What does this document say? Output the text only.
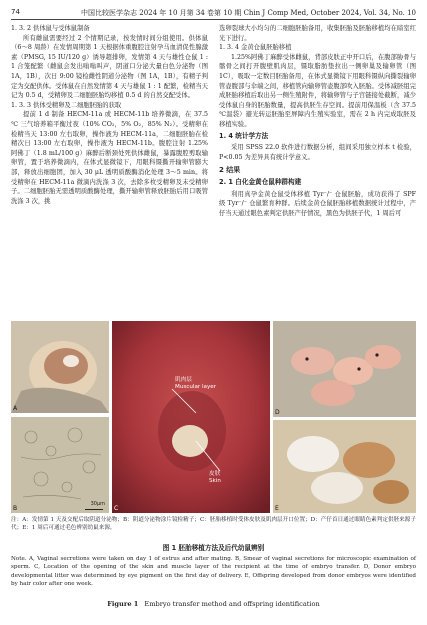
74	中国比较医学杂志 2024 年 10 月第 34 卷第 10 期 Chin J Comp Med, October 2024, Vol. 34, No. 10

1. 3. 2 供体鼠与受体鼠制备

所有雌鼠需要经过 2 个情期记录，按发情时间分组使用。供体鼠（6～8 周龄）在发情周期第 1 天根据体重腹腔注射孕马血清促性腺激素（PMSG, 15 IU/120 g）诱导超排卵，发情第 4 天与雄性仓鼠 1 : 1 合笼配繁（雌鼠会发出嗡嗡叫声，阴道口分泌大量白色分泌物（图 1A，1B），次日 9:00 镜检雌性阴道分泌物（图 1A，1B），有精子判定为交配供体。受体鼠在自然发情第 4 天与雄鼠 1 : 1 配繁，检精当天记为 0.5 d，受精卵及二细胞胚胎均移植 0.5 d 的自然交配受体。

1. 3. 3 供体受精卵及二细胞胚胎的获取

提前 1 d 制备 HECM-11a 或 HECM-11b 培养微滴，在 37.5 ℃ 三气培养箱平衡过夜（10% CO₂，5% O₂，85% N₂）。受精卵在检精当天 13:00 左右取卵，操作液为 HECM-11a，二细胞胚胎在检精次日 13:00 左右取卵，操作液为 HECM-11b。腹腔注射 1.25% 阿佛丁（1.8 mL/100 g）麻醉后断颈处死供体雌鼠，暴露腹腔剪取输卵管，置于培养微滴内，在体式显微镜下，用眼科镊撕开输卵管膨大部，释放出细胞团，加入 30 μL 透明质酸酶消化处理 3～5 min。将受精卵在 HECM-11a 微滴内洗涤 3 次，去除多枚受精卵及未受精卵子。二细胞胚胎无需透明质酸酶处理，撕开输卵管释放胚胎后用口吸管洗涤 3 次，挑

选卵裂球大小均匀的二细胞胚胎备用，收集胚胎及胚胎移植均在暗室红光下进行。

1. 3. 4 金黄仓鼠胚胎移植

1.25%阿佛丁麻醉受体雌鼠，背部皮肤正中开口后，在腹部胁骨与髂骨之间打开腹壁肌肉层，镊取脂肪垫拉出一侧卵巢及输卵管（图 1C），吸取一定数目胚胎备用，在体式显微镜下用眼科镊纵向撕裂输卵管壶腹部与伞端之间，移植管向输卵管壶腹部吹入胚胎。受体减胚组完成胚胎移植后取出另一侧生殖附件，将输卵管与子宫链接处截断，减少受体鼠自身的胚胎数量，提高供胚生存空间。提前用保温板（含 37.5 ℃温袋）避光转运胚胎至屏障内生殖实验室，需在 2 h 内完成取胚及移植实验。

1. 4 统计学方法

采用 SPSS 22.0 软件进行数据分析，组间采用独立样本 t 检验，P<0.05 为差异具有统计学意义。

2 结果

2. 1 白化金黄仓鼠种群构建

利用真孕金黄仓鼠受体移植 Tyr⁻/⁻ 仓鼠胚胎，成功获得了 SPF 级 Tyr⁻/⁻ 仓鼠繁育种群。后续金黄仓鼠胚胎移植数据统计过程中，产仔当天通过眼色素判定供胚产仔情况，黑色为供胚子代，1 周后可

A
B
30μm
肌肉层
Muscular layer
皮肤
Skin
C
D
E
注：A：发情第 1 天及交配后取阴道分泌物；B：阴道分泌物涂片镜检精子；C：胚胎移植时受体皮肤及肌肉层开口位置；D：产仔首日通过眼睛色素判定供胚来源子代；E：1 周后可通过毛色辨别幼鼠来源。
图 1 胚胎移植方法及后代幼鼠辨别
Note. A, Vaginal secretions were taken on day 1 of estrus and after mating. B, Smear of vaginal secretions for microscopic examination of sperm. C, Location of the opening of the skin and muscle layer of the recipient at the time of embryo transfer. D, Donor embryo developmental litter was determined by eye pigment on the first day of delivery. E, Offspring developed from donor embryos were identified by hair color after one week.
Figure 1 Embryo transfer method and offspring identification
